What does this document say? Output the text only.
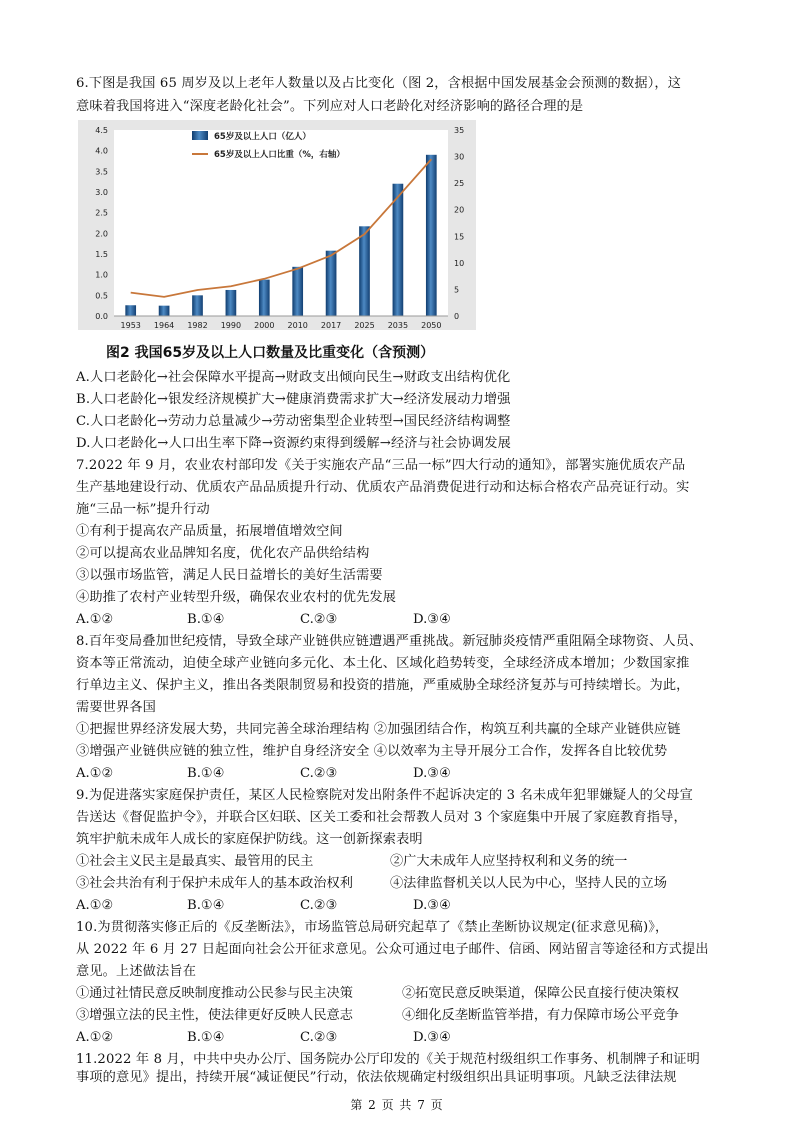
6.下图是我国 65 周岁及以上老年人数量以及占比变化（图 2，含根据中国发展基金会预测的数据），这
意味着我国将进入“深度老龄化社会”。下列应对人口老龄化对经济影响的路径合理的是
0.0
0.5
1.0
1.5
2.0
2.5
3.0
3.5
4.0
4.5
0
5
10
15
20
25
30
35
1953 1964 1982 1990 2000 2010 2017 2025 2035 2050
65岁及以上人口（亿人）
65岁及以上人口比重（%，右轴）
图2 我国65岁及以上人口数量及比重变化（含预测）
A.人口老龄化→社会保障水平提高→财政支出倾向民生→财政支出结构优化
B.人口老龄化→银发经济规模扩大→健康消费需求扩大→经济发展动力增强
C.人口老龄化→劳动力总量减少→劳动密集型企业转型→国民经济结构调整
D.人口老龄化→人口出生率下降→资源约束得到缓解→经济与社会协调发展
7.2022 年 9 月，农业农村部印发《关于实施农产品“三品一标”四大行动的通知》，部署实施优质农产品
生产基地建设行动、优质农产品品质提升行动、优质农产品消费促进行动和达标合格农产品亮证行动。实
施“三品一标”提升行动
①有利于提高农产品质量，拓展增值增效空间
②可以提高农业品牌知名度，优化农产品供给结构
③以强市场监管，满足人民日益增长的美好生活需要
④助推了农村产业转型升级，确保农业农村的优先发展
A.①②	B.①④	C.②③	D.③④
8.百年变局叠加世纪疫情，导致全球产业链供应链遭遇严重挑战。新冠肺炎疫情严重阻隔全球物资、人员、
资本等正常流动，迫使全球产业链向多元化、本土化、区域化趋势转变，全球经济成本增加；少数国家推
行单边主义、保护主义，推出各类限制贸易和投资的措施，严重威胁全球经济复苏与可持续增长。为此，
需要世界各国
①把握世界经济发展大势，共同完善全球治理结构 ②加强团结合作，构筑互利共赢的全球产业链供应链
③增强产业链供应链的独立性，维护自身经济安全 ④以效率为主导开展分工合作，发挥各自比较优势
A.①②	B.①④	C.②③	D.③④
9.为促进落实家庭保护责任，某区人民检察院对发出附条件不起诉决定的 3 名未成年犯罪嫌疑人的父母宣
告送达《督促监护令》，并联合区妇联、区关工委和社会帮教人员对 3 个家庭集中开展了家庭教育指导，
筑牢护航未成年人成长的家庭保护防线。这一创新探索表明
①社会主义民主是最真实、最管用的民主	②广大未成年人应坚持权利和义务的统一
③社会共治有利于保护未成年人的基本政治权利	④法律监督机关以人民为中心，坚持人民的立场
A.①②	B.①④	C.②③	D.③④
10.为贯彻落实修正后的《反垄断法》，市场监管总局研究起草了《禁止垄断协议规定(征求意见稿)》，
从 2022 年 6 月 27 日起面向社会公开征求意见。公众可通过电子邮件、信函、网站留言等途径和方式提出
意见。上述做法旨在
①通过社情民意反映制度推动公民参与民主决策	②拓宽民意反映渠道，保障公民直接行使决策权
③增强立法的民主性，使法律更好反映人民意志	④细化反垄断监管举措，有力保障市场公平竞争
A.①②	B.①④	C.②③	D.③④
11.2022 年 8 月，中共中央办公厅、国务院办公厅印发的《关于规范村级组织工作事务、机制牌子和证明
事项的意见》提出，持续开展“减证便民”行动，依法依规确定村级组织出具证明事项。凡缺乏法律法规
第 2 页 共 7 页
